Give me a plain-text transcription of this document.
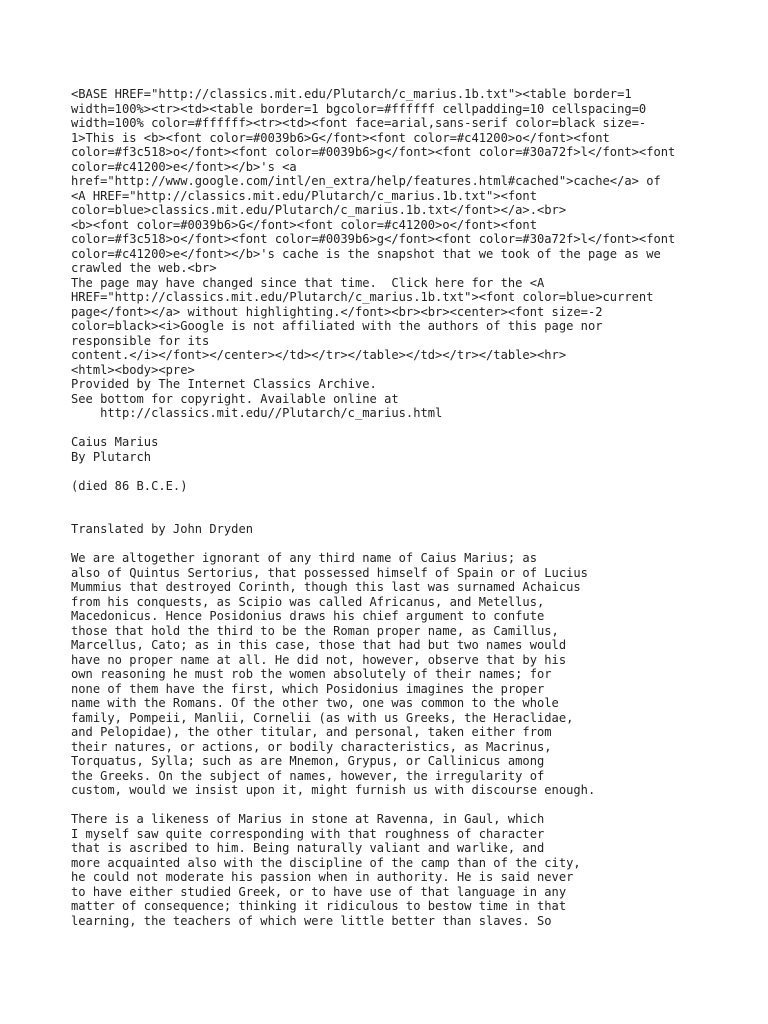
<BASE HREF="http://classics.mit.edu/Plutarch/c_marius.1b.txt"><table border=1
width=100%><tr><td><table border=1 bgcolor=#ffffff cellpadding=10 cellspacing=0
width=100% color=#ffffff><tr><td><font face=arial,sans-serif color=black size=-
1>This is <b><font color=#0039b6>G</font><font color=#c41200>o</font><font
color=#f3c518>o</font><font color=#0039b6>g</font><font color=#30a72f>l</font><font
color=#c41200>e</font></b>'s <a
href="http://www.google.com/intl/en_extra/help/features.html#cached">cache</a> of
<A HREF="http://classics.mit.edu/Plutarch/c_marius.1b.txt"><font
color=blue>classics.mit.edu/Plutarch/c_marius.1b.txt</font></a>.<br>
<b><font color=#0039b6>G</font><font color=#c41200>o</font><font
color=#f3c518>o</font><font color=#0039b6>g</font><font color=#30a72f>l</font><font
color=#c41200>e</font></b>'s cache is the snapshot that we took of the page as we
crawled the web.<br>
The page may have changed since that time.  Click here for the <A
HREF="http://classics.mit.edu/Plutarch/c_marius.1b.txt"><font color=blue>current
page</font></a> without highlighting.</font><br><br><center><font size=-2
color=black><i>Google is not affiliated with the authors of this page nor
responsible for its
content.</i></font></center></td></tr></table></td></tr></table><hr>
<html><body><pre>
Provided by The Internet Classics Archive.
See bottom for copyright. Available online at
http://classics.mit.edu//Plutarch/c_marius.html

Caius Marius
By Plutarch

(died 86 B.C.E.)

Translated by John Dryden

We are altogether ignorant of any third name of Caius Marius; as
also of Quintus Sertorius, that possessed himself of Spain or of Lucius
Mummius that destroyed Corinth, though this last was surnamed Achaicus
from his conquests, as Scipio was called Africanus, and Metellus,
Macedonicus. Hence Posidonius draws his chief argument to confute
those that hold the third to be the Roman proper name, as Camillus,
Marcellus, Cato; as in this case, those that had but two names would
have no proper name at all. He did not, however, observe that by his
own reasoning he must rob the women absolutely of their names; for
none of them have the first, which Posidonius imagines the proper
name with the Romans. Of the other two, one was common to the whole
family, Pompeii, Manlii, Cornelii (as with us Greeks, the Heraclidae,
and Pelopidae), the other titular, and personal, taken either from
their natures, or actions, or bodily characteristics, as Macrinus,
Torquatus, Sylla; such as are Mnemon, Grypus, or Callinicus among
the Greeks. On the subject of names, however, the irregularity of
custom, would we insist upon it, might furnish us with discourse enough.

There is a likeness of Marius in stone at Ravenna, in Gaul, which
I myself saw quite corresponding with that roughness of character
that is ascribed to him. Being naturally valiant and warlike, and
more acquainted also with the discipline of the camp than of the city,
he could not moderate his passion when in authority. He is said never
to have either studied Greek, or to have use of that language in any
matter of consequence; thinking it ridiculous to bestow time in that
learning, the teachers of which were little better than slaves. So
